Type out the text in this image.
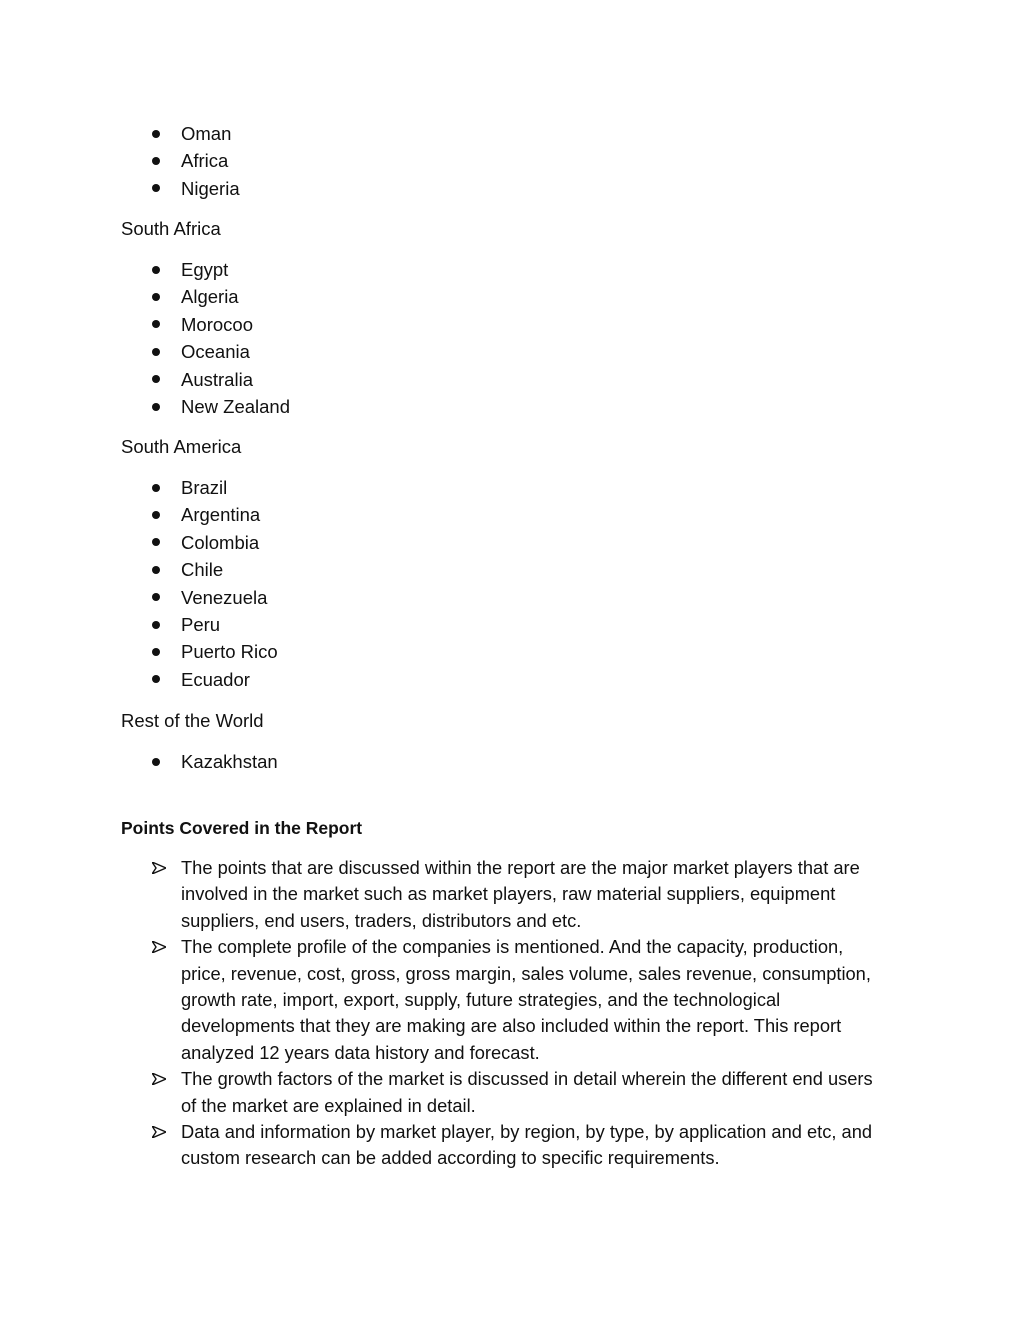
Oman
Africa
Nigeria
South Africa
Egypt
Algeria
Morocoo
Oceania
Australia
New Zealand
South America
Brazil
Argentina
Colombia
Chile
Venezuela
Peru
Puerto Rico
Ecuador
Rest of the World
Kazakhstan
Points Covered in the Report
The points that are discussed within the report are the major market players that are involved in the market such as market players, raw material suppliers, equipment suppliers, end users, traders, distributors and etc.
The complete profile of the companies is mentioned. And the capacity, production, price, revenue, cost, gross, gross margin, sales volume, sales revenue, consumption, growth rate, import, export, supply, future strategies, and the technological developments that they are making are also included within the report. This report analyzed 12 years data history and forecast.
The growth factors of the market is discussed in detail wherein the different end users of the market are explained in detail.
Data and information by market player, by region, by type, by application and etc, and custom research can be added according to specific requirements.
